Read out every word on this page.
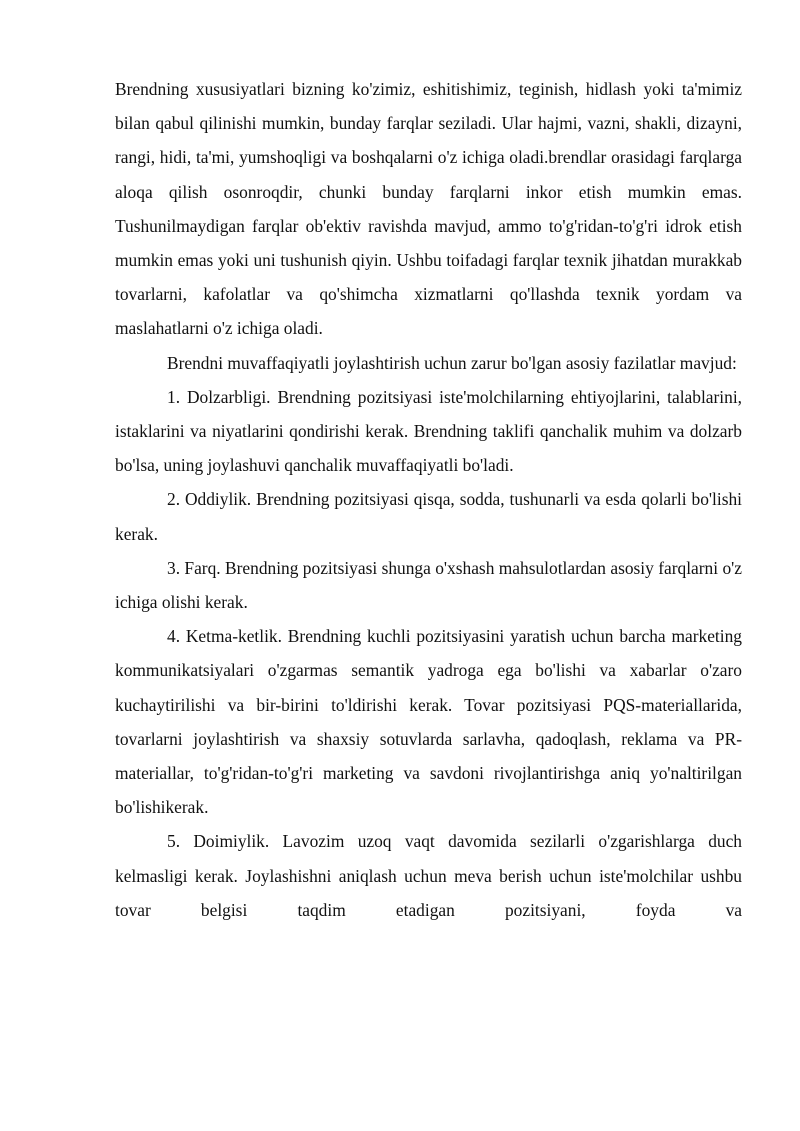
Brendning xususiyatlari bizning ko'zimiz, eshitishimiz, teginish, hidlash yoki ta'mimiz bilan qabul qilinishi mumkin, bunday farqlar seziladi. Ular hajmi, vazni, shakli, dizayni, rangi, hidi, ta'mi, yumshoqligi va boshqalarni o'z ichiga oladi.brendlar orasidagi farqlarga aloqa qilish osonroqdir, chunki bunday farqlarni inkor etish mumkin emas.

Tushunilmaydigan farqlar ob'ektiv ravishda mavjud, ammo to'g'ridan-to'g'ri idrok etish mumkin emas yoki uni tushunish qiyin. Ushbu toifadagi farqlar texnik jihatdan murakkab tovarlarni, kafolatlar va qo'shimcha xizmatlarni qo'llashda texnik yordam va maslahatlarni o'z ichiga oladi.

Brendni muvaffaqiyatli joylashtirish uchun zarur bo'lgan asosiy fazilatlar mavjud:

1. Dolzarbligi. Brendning pozitsiyasi iste'molchilarning ehtiyojlarini, talablarini, istaklarini va niyatlarini qondirishi kerak. Brendning taklifi qanchalik muhim va dolzarb bo'lsa, uning joylashuvi qanchalik muvaffaqiyatli bo'ladi.

2. Oddiylik. Brendning pozitsiyasi qisqa, sodda, tushunarli va esda qolarli bo'lishi kerak.

3. Farq. Brendning pozitsiyasi shunga o'xshash mahsulotlardan asosiy farqlarni o'z ichiga olishi kerak.

4. Ketma-ketlik. Brendning kuchli pozitsiyasini yaratish uchun barcha marketing kommunikatsiyalari o'zgarmas semantik yadroga ega bo'lishi va xabarlar o'zaro kuchaytirilishi va bir-birini to'ldirishi kerak. Tovar pozitsiyasi PQS-materiallarida, tovarlarni joylashtirish va shaxsiy sotuvlarda sarlavha, qadoqlash, reklama va PR-materiallar, to'g'ridan-to'g'ri marketing va savdoni rivojlantirishga aniq yo'naltirilgan bo'lishikerak.

5. Doimiylik. Lavozim uzoq vaqt davomida sezilarli o'zgarishlarga duch kelmasligi kerak. Joylashishni aniqlash uchun meva berish uchun iste'molchilar ushbu tovar belgisi taqdim etadigan pozitsiyani, foyda va
